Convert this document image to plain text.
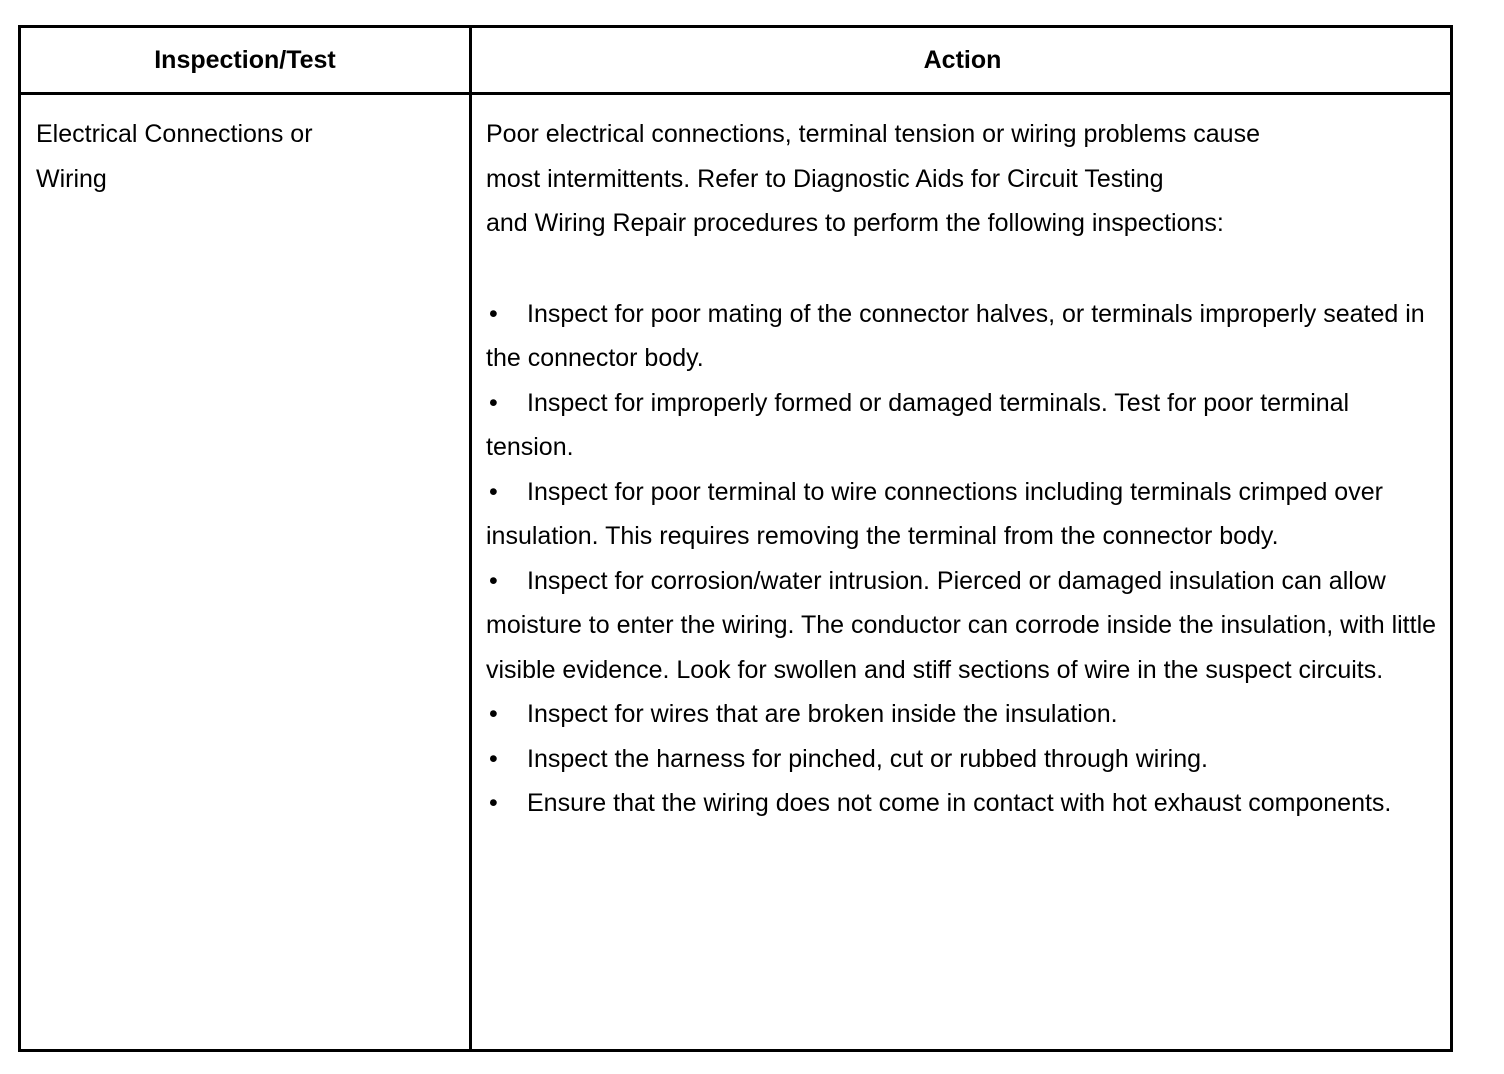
Inspection/Test	Action
Electrical Connections or
Wiring
Poor electrical connections, terminal tension or wiring problems cause
most intermittents. Refer to Diagnostic Aids for Circuit Testing
and Wiring Repair procedures to perform the following inspections:
• Inspect for poor mating of the connector halves, or terminals improperly seated in the connector body.
• Inspect for improperly formed or damaged terminals. Test for poor terminal tension.
• Inspect for poor terminal to wire connections including terminals crimped over insulation. This requires removing the terminal from the connector body.
• Inspect for corrosion/water intrusion. Pierced or damaged insulation can allow moisture to enter the wiring. The conductor can corrode inside the insulation, with little visible evidence. Look for swollen and stiff sections of wire in the suspect circuits.
• Inspect for wires that are broken inside the insulation.
• Inspect the harness for pinched, cut or rubbed through wiring.
• Ensure that the wiring does not come in contact with hot exhaust components.
